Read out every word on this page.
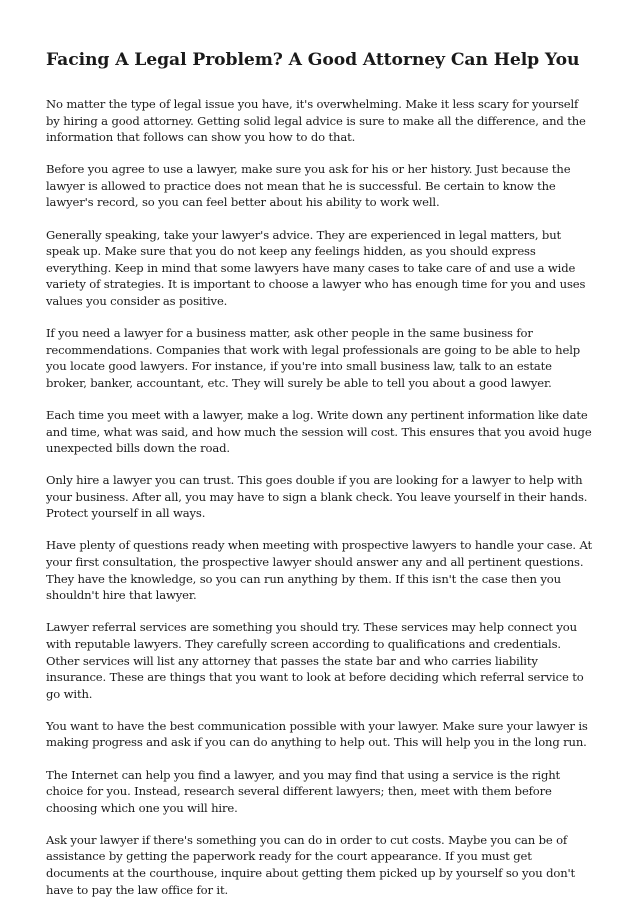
Facing A Legal Problem? A Good Attorney Can Help You

No matter the type of legal issue you have, it's overwhelming. Make it less scary for yourself by hiring a good attorney. Getting solid legal advice is sure to make all the difference, and the information that follows can show you how to do that.

Before you agree to use a lawyer, make sure you ask for his or her history. Just because the lawyer is allowed to practice does not mean that he is successful. Be certain to know the lawyer's record, so you can feel better about his ability to work well.

Generally speaking, take your lawyer's advice. They are experienced in legal matters, but speak up. Make sure that you do not keep any feelings hidden, as you should express everything. Keep in mind that some lawyers have many cases to take care of and use a wide variety of strategies. It is important to choose a lawyer who has enough time for you and uses values you consider as positive.

If you need a lawyer for a business matter, ask other people in the same business for recommendations. Companies that work with legal professionals are going to be able to help you locate good lawyers. For instance, if you're into small business law, talk to an estate broker, banker, accountant, etc. They will surely be able to tell you about a good lawyer.

Each time you meet with a lawyer, make a log. Write down any pertinent information like date and time, what was said, and how much the session will cost. This ensures that you avoid huge unexpected bills down the road.

Only hire a lawyer you can trust. This goes double if you are looking for a lawyer to help with your business. After all, you may have to sign a blank check. You leave yourself in their hands. Protect yourself in all ways.

Have plenty of questions ready when meeting with prospective lawyers to handle your case. At your first consultation, the prospective lawyer should answer any and all pertinent questions. They have the knowledge, so you can run anything by them. If this isn't the case then you shouldn't hire that lawyer.

Lawyer referral services are something you should try. These services may help connect you with reputable lawyers. They carefully screen according to qualifications and credentials. Other services will list any attorney that passes the state bar and who carries liability insurance. These are things that you want to look at before deciding which referral service to go with.

You want to have the best communication possible with your lawyer. Make sure your lawyer is making progress and ask if you can do anything to help out. This will help you in the long run.

The Internet can help you find a lawyer, and you may find that using a service is the right choice for you. Instead, research several different lawyers; then, meet with them before choosing which one you will hire.

Ask your lawyer if there's something you can do in order to cut costs. Maybe you can be of assistance by getting the paperwork ready for the court appearance. If you must get documents at the courthouse, inquire about getting them picked up by yourself so you don't have to pay the law office for it.
